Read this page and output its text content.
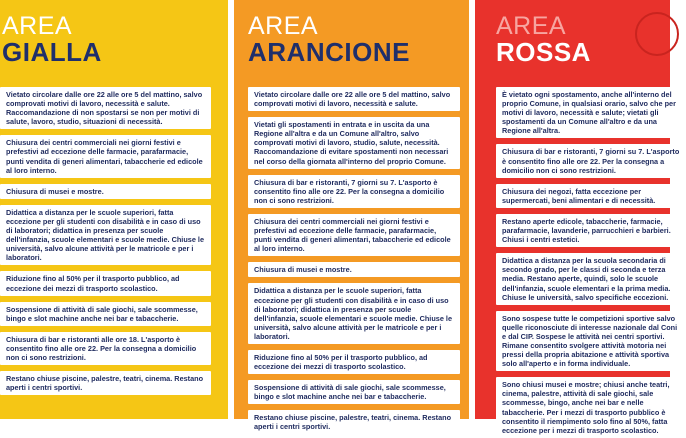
AREA
GIALLA
Vietato circolare dalle ore 22 alle ore 5 del mattino, salvo comprovati motivi di lavoro, necessità e salute. Raccomandazione di non spostarsi se non per motivi di salute, lavoro, studio, situazioni di necessità.
Chiusura dei centri commerciali nei giorni festivi e prefestivi ad eccezione delle farmacie, parafarmacie, punti vendita di generi alimentari, tabaccherie ed edicole al loro interno.
Chiusura di musei e mostre.
Didattica a distanza per le scuole superiori, fatta eccezione per gli studenti con disabilità e in caso di uso di laboratori; didattica in presenza per scuole dell'infanzia, scuole elementari e scuole medie. Chiuse le università, salvo alcune attività per le matricole e per i laboratori.
Riduzione fino al 50% per il trasporto pubblico, ad eccezione dei mezzi di trasporto scolastico.
Sospensione di attività di sale giochi, sale scommesse, bingo e slot machine anche nei bar e tabaccherie.
Chiusura di bar e ristoranti alle ore 18. L'asporto è consentito fino alle ore 22. Per la consegna a domicilio non ci sono restrizioni.
Restano chiuse piscine, palestre, teatri, cinema. Restano aperti i centri sportivi.
AREA
ARANCIONE
Vietato circolare dalle ore 22 alle ore 5 del mattino, salvo comprovati motivi di lavoro, necessità e salute.
Vietati gli spostamenti in entrata e in uscita da una Regione all'altra e da un Comune all'altro, salvo comprovati motivi di lavoro, studio, salute, necessità. Raccomandazione di evitare spostamenti non necessari nel corso della giornata all'interno del proprio Comune.
Chiusura di bar e ristoranti, 7 giorni su 7. L'asporto è consentito fino alle ore 22. Per la consegna a domicilio non ci sono restrizioni.
Chiusura dei centri commerciali nei giorni festivi e prefestivi ad eccezione delle farmacie, parafarmacie, punti vendita di generi alimentari, tabaccherie ed edicole al loro interno.
Chiusura di musei e mostre.
Didattica a distanza per le scuole superiori, fatta eccezione per gli studenti con disabilità e in caso di uso di laboratori; didattica in presenza per scuole dell'infanzia, scuole elementari e scuole medie. Chiuse le università, salvo alcune attività per le matricole e per i laboratori.
Riduzione fino al 50% per il trasporto pubblico, ad eccezione dei mezzi di trasporto scolastico.
Sospensione di attività di sale giochi, sale scommesse, bingo e slot machine anche nei bar e tabaccherie.
Restano chiuse piscine, palestre, teatri, cinema. Restano aperti i centri sportivi.
AREA
ROSSA
È vietato ogni spostamento, anche all'interno del proprio Comune, in qualsiasi orario, salvo che per motivi di lavoro, necessità e salute; vietati gli spostamenti da un Comune all'altro e da una Regione all'altra.
Chiusura di bar e ristoranti, 7 giorni su 7. L'asporto è consentito fino alle ore 22. Per la consegna a domicilio non ci sono restrizioni.
Chiusura dei negozi, fatta eccezione per supermercati, beni alimentari e di necessità.
Restano aperte edicole, tabaccherie, farmacie, parafarmacie, lavanderie, parrucchieri e barbieri. Chiusi i centri estetici.
Didattica a distanza per la scuola secondaria di secondo grado, per le classi di seconda e terza media. Restano aperte, quindi, solo le scuole dell'infanzia, scuole elementari e la prima media. Chiuse le università, salvo specifiche eccezioni.
Sono sospese tutte le competizioni sportive salvo quelle riconosciute di interesse nazionale dal Coni e dal CIP. Sospese le attività nei centri sportivi. Rimane consentito svolgere attività motoria nei pressi della propria abitazione e attività sportiva solo all'aperto e in forma individuale.
Sono chiusi musei e mostre; chiusi anche teatri, cinema, palestre, attività di sale giochi, sale scommesse, bingo, anche nei bar e nelle tabaccherie. Per i mezzi di trasporto pubblico è consentito il riempimento solo fino al 50%, fatta eccezione per i mezzi di trasporto scolastico.
